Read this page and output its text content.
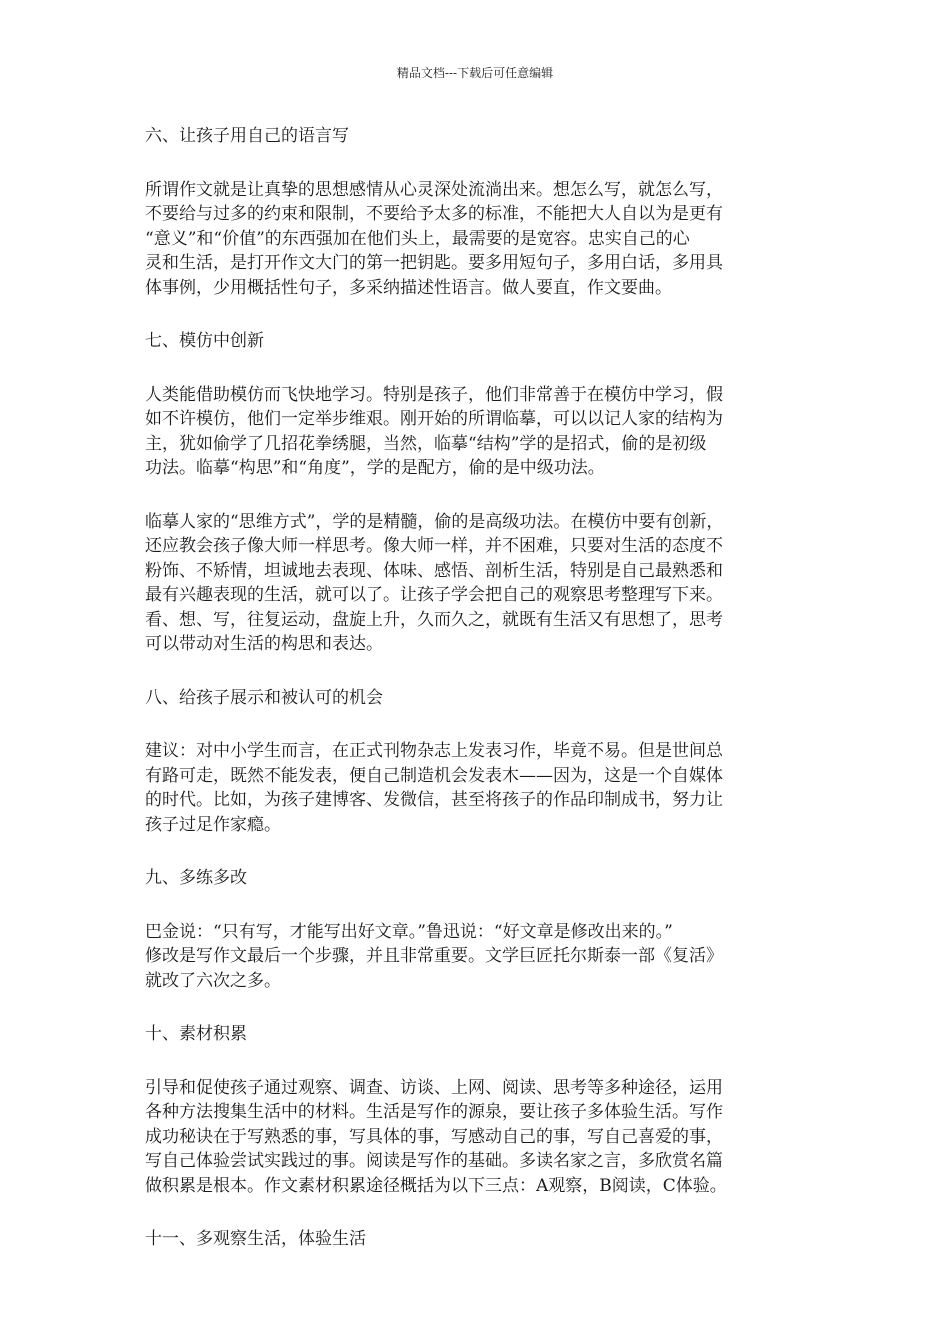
精品文档---下载后可任意编辑
六、让孩子用自己的语言写
所谓作文就是让真挚的思想感情从心灵深处流淌出来。想怎么写，就怎么写，
不要给与过多的约束和限制，不要给予太多的标准，不能把大人自以为是更有
“意义”和“价值”的东西强加在他们头上，最需要的是宽容。忠实自己的心
灵和生活，是打开作文大门的第一把钥匙。要多用短句子，多用白话，多用具
体事例，少用概括性句子，多采纳描述性语言。做人要直，作文要曲。
七、模仿中创新
人类能借助模仿而飞快地学习。特别是孩子，他们非常善于在模仿中学习，假
如不许模仿，他们一定举步维艰。刚开始的所谓临摹，可以以记人家的结构为
主，犹如偷学了几招花拳绣腿，当然，临摹“结构”学的是招式，偷的是初级
功法。临摹“构思”和“角度”，学的是配方，偷的是中级功法。
临摹人家的“思维方式”，学的是精髓，偷的是高级功法。在模仿中要有创新，
还应教会孩子像大师一样思考。像大师一样，并不困难，只要对生活的态度不
粉饰、不矫情，坦诚地去表现、体味、感悟、剖析生活，特别是自己最熟悉和
最有兴趣表现的生活，就可以了。让孩子学会把自己的观察思考整理写下来。
看、想、写，往复运动，盘旋上升，久而久之，就既有生活又有思想了，思考
可以带动对生活的构思和表达。
八、给孩子展示和被认可的机会
建议：对中小学生而言，在正式刊物杂志上发表习作，毕竟不易。但是世间总
有路可走，既然不能发表，便自己制造机会发表木——因为，这是一个自媒体
的时代。比如，为孩子建博客、发微信，甚至将孩子的作品印制成书，努力让
孩子过足作家瘾。
九、多练多改
巴金说：“只有写，才能写出好文章。”鲁迅说：“好文章是修改出来的。”
修改是写作文最后一个步骤，并且非常重要。文学巨匠托尔斯泰一部《复活》
就改了六次之多。
十、素材积累
引导和促使孩子通过观察、调查、访谈、上网、阅读、思考等多种途径，运用
各种方法搜集生活中的材料。生活是写作的源泉，要让孩子多体验生活。写作
成功秘诀在于写熟悉的事，写具体的事，写感动自己的事，写自己喜爱的事，
写自己体验尝试实践过的事。阅读是写作的基础。多读名家之言，多欣赏名篇
做积累是根本。作文素材积累途径概括为以下三点：A观察，B阅读，C体验。
十一、多观察生活，体验生活
